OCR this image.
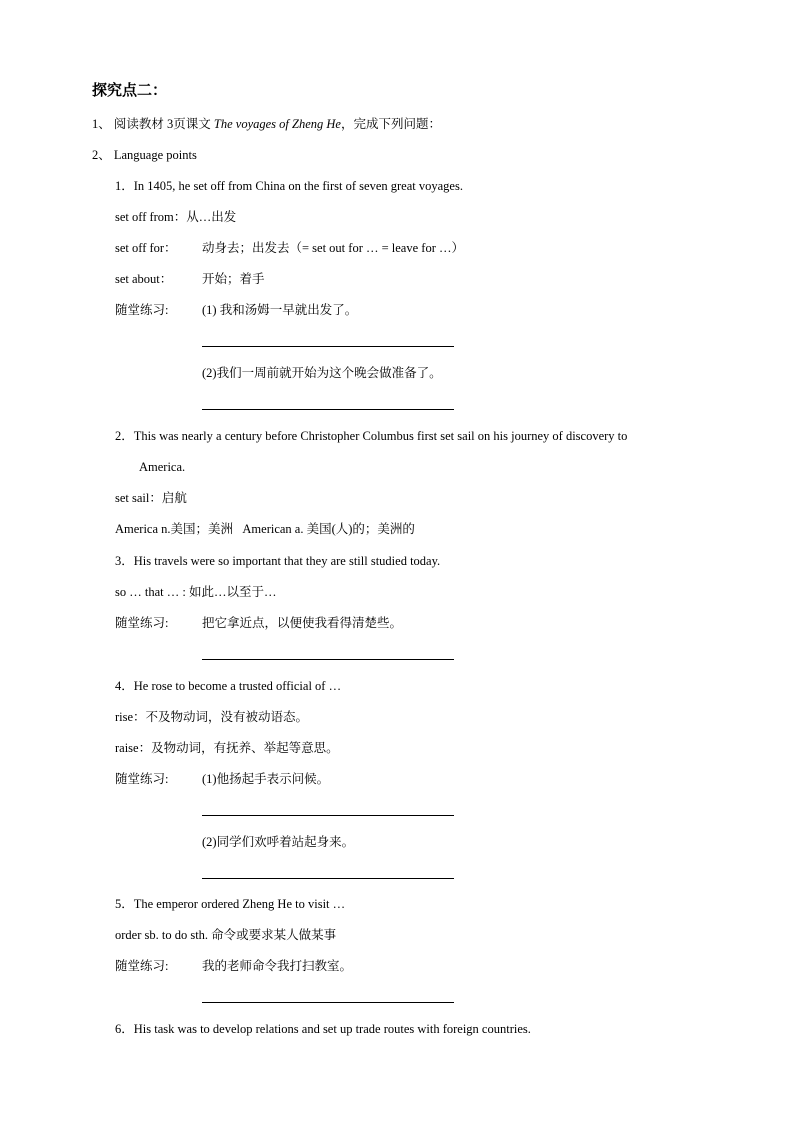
探究点二：
1、 阅读教材 3页课文 The voyages of Zheng He，完成下列问题：
2、 Language points
1．In 1405, he set off from China on the first of seven great voyages.
set off from：从…出发
set off for： 动身去；出发去（= set out for … = leave for …）
set about： 开始；着手
随堂练习:	(1) 我和汤姆一早就出发了。
(2)我们一周前就开始为这个晚会做准备了。
2．This was nearly a century before Christopher Columbus first set sail on his journey of discovery to
America.
set sail：启航
America n.美国；美洲   American a. 美国(人)的；美洲的
3．His travels were so important that they are still studied today.
so … that … : 如此…以至于…
随堂练习:	把它拿近点，以便使我看得清楚些。
4．He rose to become a trusted official of …
rise：不及物动词，没有被动语态。
raise：及物动词，有抚养、举起等意思。
随堂练习:	(1)他扬起手表示问候。
(2)同学们欢呼着站起身来。
5．The emperor ordered Zheng He to visit …
order sb. to do sth. 命令或要求某人做某事
随堂练习:	我的老师命令我打扫教室。
6．His task was to develop relations and set up trade routes with foreign countries.
